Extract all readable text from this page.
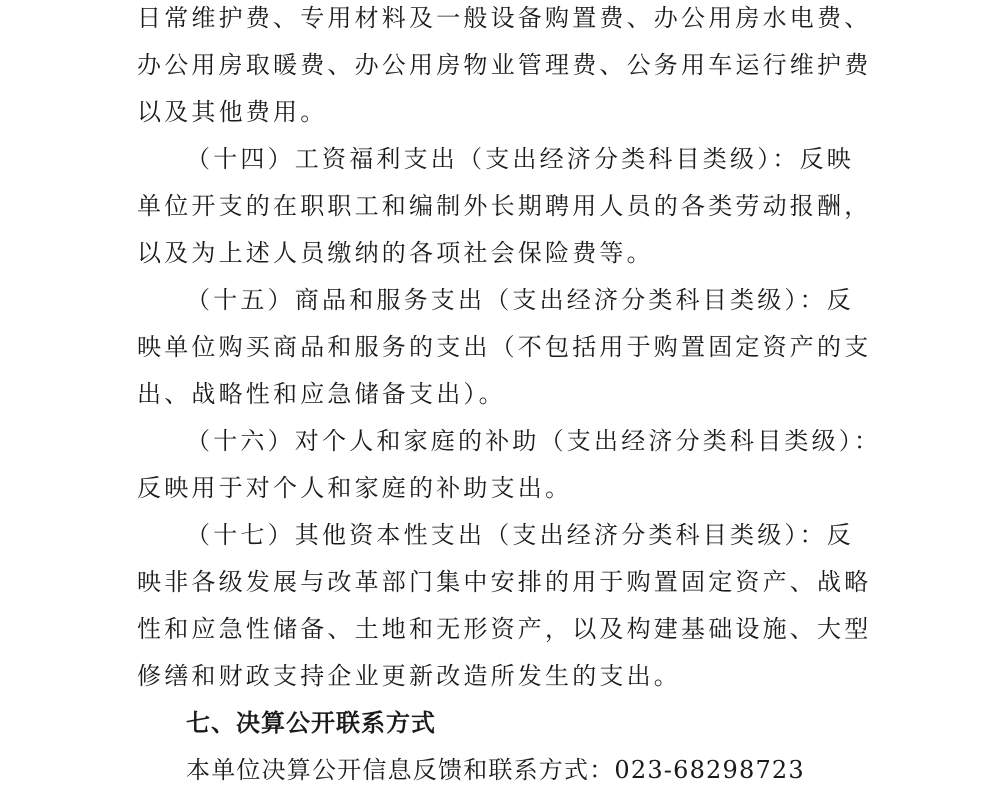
日常维护费、专用材料及一般设备购置费、办公用房水电费、

办公用房取暖费、办公用房物业管理费、公务用车运行维护费

以及其他费用。

（十四）工资福利支出（支出经济分类科目类级）：反映

单位开支的在职职工和编制外长期聘用人员的各类劳动报酬，

以及为上述人员缴纳的各项社会保险费等。

（十五）商品和服务支出（支出经济分类科目类级）：反

映单位购买商品和服务的支出（不包括用于购置固定资产的支

出、战略性和应急储备支出）。

（十六）对个人和家庭的补助（支出经济分类科目类级）：

反映用于对个人和家庭的补助支出。

（十七）其他资本性支出（支出经济分类科目类级）：反

映非各级发展与改革部门集中安排的用于购置固定资产、战略

性和应急性储备、土地和无形资产，以及构建基础设施、大型

修缮和财政支持企业更新改造所发生的支出。

七、决算公开联系方式

本单位决算公开信息反馈和联系方式：023-68298723
